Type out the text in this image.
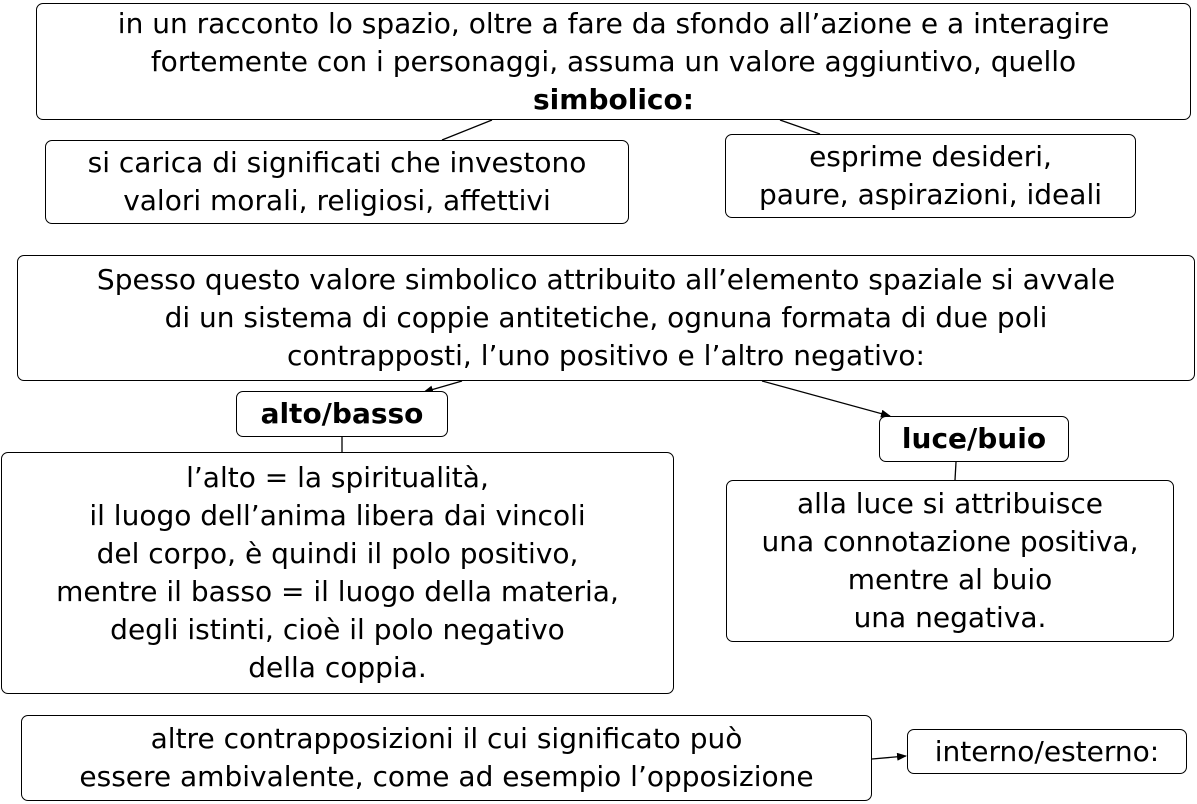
in un racconto lo spazio, oltre a fare da sfondo all’azione e a interagire
fortemente con i personaggi, assuma un valore aggiuntivo, quello
simbolico:
si carica di significati che investono
valori morali, religiosi, affettivi
esprime desideri,
paure, aspirazioni, ideali
Spesso questo valore simbolico attribuito all’elemento spaziale si avvale
di un sistema di coppie antitetiche, ognuna formata di due poli
contrapposti, l’uno positivo e l’altro negativo:
alto/basso
luce/buio
l’alto = la spiritualità,
il luogo dell’anima libera dai vincoli
del corpo, è quindi il polo positivo,
mentre il basso = il luogo della materia,
degli istinti, cioè il polo negativo
della coppia.
alla luce si attribuisce
una connotazione positiva,
mentre al buio
una negativa.
altre contrapposizioni il cui significato può
essere ambivalente, come ad esempio l’opposizione
interno/esterno:
